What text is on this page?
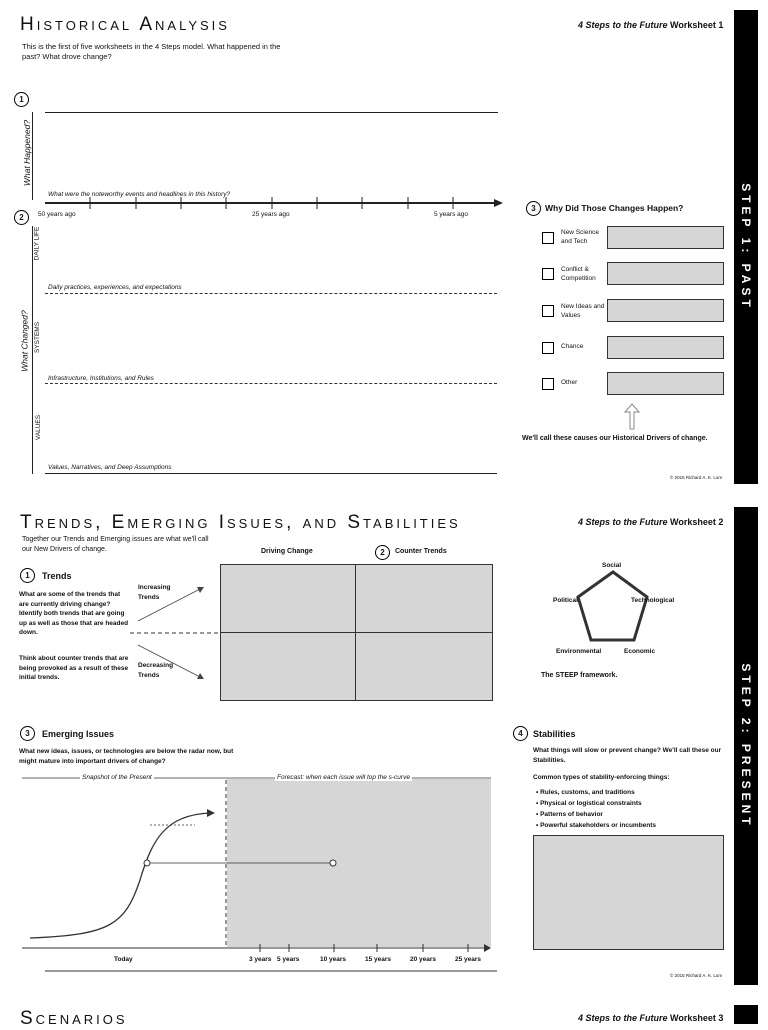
Historical Analysis	4 Steps to the Future Worksheet 1
This is the first of five worksheets in the 4 Steps model. What happened in the past? What drove change?
STEP 1: PAST
1
What Happened?
What were the noteworthy events and headlines in this history?
50 years ago	25 years ago	5 years ago
2
What Changed?
DAILY LIFE
Daily practices, experiences, and expectations
SYSTEMS
Infrastructure, Institutions, and Rules
VALUES
Values, Narratives, and Deep Assumptions
3	Why Did Those Changes Happen?
New Science and Tech
Conflict & Competition
New Ideas and Values
Chance
Other
We'll call these causes our Historical Drivers of change.
© 2015 Richard A. K. Lum
Trends, Emerging Issues, and Stabilities	4 Steps to the Future Worksheet 2
Together our Trends and Emerging issues are what we'll call our New Drivers of change.
STEP 2: PRESENT
Driving Change	2	Counter Trends
1	Trends
What are some of the trends that are currently driving change? Identify both trends that are going up as well as those that are headed down.
Think about counter trends that are being provoked as a result of these initial trends.
Increasing Trends
Decreasing Trends
Social
Political	Technological
Environmental	Economic
The STEEP framework.
3	Emerging Issues
What new ideas, issues, or technologies are below the radar now, but might mature into important drivers of change?
Snapshot of the Present	Forecast: when each issue will top the s-curve
Today	3 years 5 years	10 years	15 years	20 years	25 years
4	Stabilities
What things will slow or prevent change? We'll call these our Stabilities.
Common types of stability-enforcing things:
• Rules, customs, and traditions
• Physical or logistical constraints
• Patterns of behavior
• Powerful stakeholders or incumbents
© 2015 Richard A. K. Lum
Scenarios	4 Steps to the Future Worksheet 3
